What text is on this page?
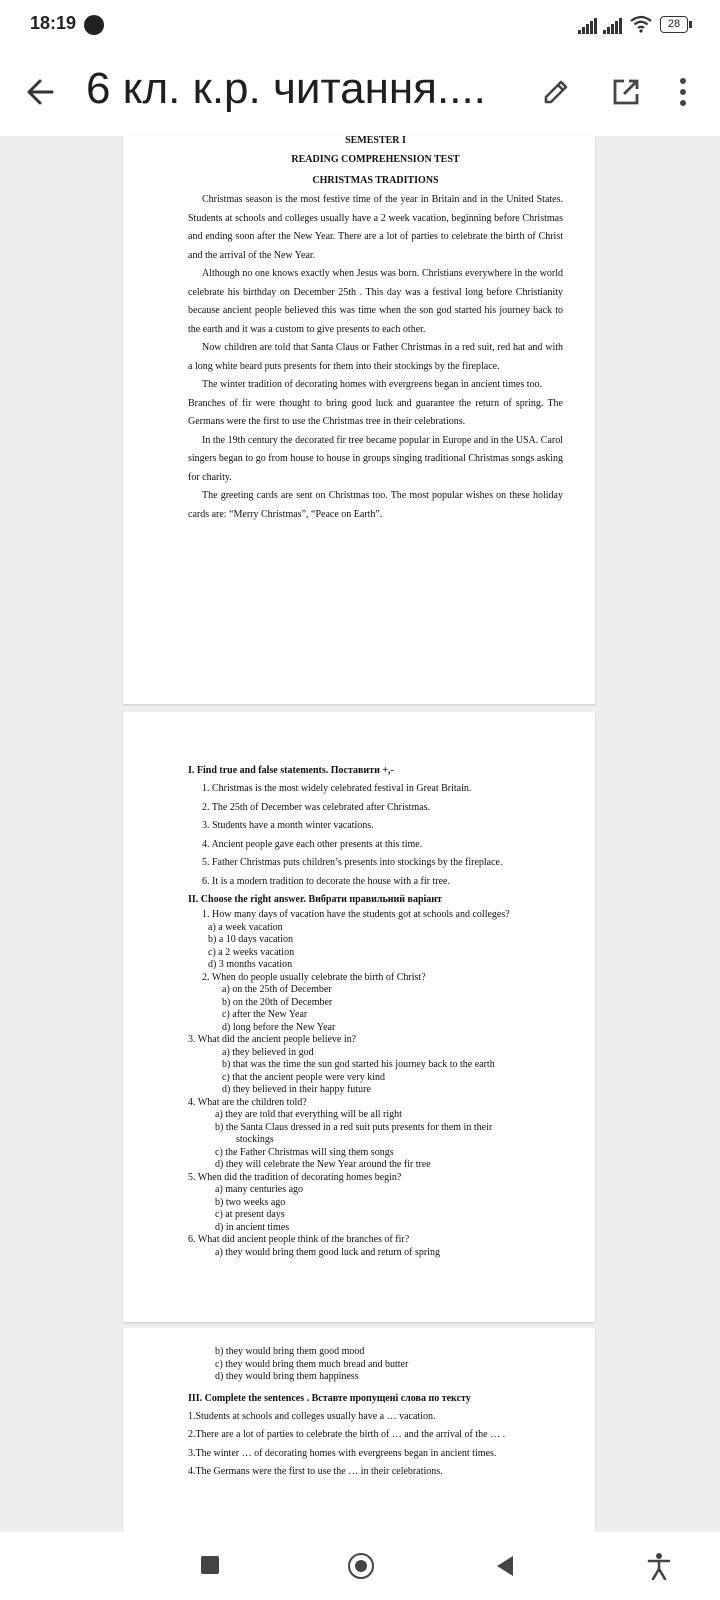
18:19	28
6 кл. к.р. читання....
SEMESTER I
READING COMPREHENSION TEST
CHRISTMAS TRADITIONS

Christmas season is the most festive time of the year in Britain and in the United States. Students at schools and colleges usually have a 2 week vacation, beginning before Christmas and ending soon after the New Year. There are a lot of parties to celebrate the birth of Christ and the arrival of the New Year.

Although no one knows exactly when Jesus was born. Christians everywhere in the world celebrate his birthday on December 25th . This day was a festival long before Christianity because ancient people believed this was time when the son god started his journey back to the earth and it was a custom to give presents to each other.

Now children are told that Santa Claus or Father Christmas in a red suit, red hat and with a long white beard puts presents for them into their stockings by the fireplace.

The winter tradition of decorating homes with evergreens began in ancient times too.

Branches of fir were thought to bring good luck and guarantee the return of spring. The Germans were the first to use the Christmas tree in their celebrations.

In the 19th century the decorated fir tree became popular in Europe and in the USA. Carol singers began to go from house to house in groups singing traditional Christmas songs asking for charity.

The greeting cards are sent on Christmas too. The most popular wishes on these holiday cards are: “Merry Christmas”, “Peace on Earth”.

I. Find true and false statements. Поставити +,-
1. Christmas is the most widely celebrated festival in Great Britain.
2. The 25th of December was celebrated after Christmas.
3. Students have a month winter vacations.
4. Ancient people gave each other presents at this time.
5. Father Christmas puts children’s presents into stockings by the fireplace.
6. It is a modern tradition to decorate the house with a fir tree.
II. Choose the right answer. Вибрати правильний варіант
1. How many days of vacation have the students got at schools and colleges?
a) a week vacation
b) a 10 days vacation
c) a 2 weeks vacation
d) 3 months vacation
2. When do people usually celebrate the birth of Christ?
a) on the 25th of December
b) on the 20th of December
c) after the New Year
d) long before the New Year
3. What did the ancient people believe in?
a) they believed in god
b) that was the time the sun god started his journey back to the earth
c) that the ancient people were very kind
d) they believed in their happy future
4. What are the children told?
a) they are told that everything will be all right
b) the Santa Claus dressed in a red suit puts presents for them in their
stockings
c) the Father Christmas will sing them songs
d) they will celebrate the New Year around the fir tree
5. When did the tradition of decorating homes begin?
a) many centuries ago
b) two weeks ago
c) at present days
d) in ancient times
6. What did ancient people think of the branches of fir?
a) they would bring them good luck and return of spring
b) they would bring them good mood
c) they would bring them much bread and butter
d) they would bring them happiness
III. Complete the sentences . Вставте пропущені слова по тексту
1.Students at schools and colleges usually have a … vacation.
2.There are a lot of parties to celebrate the birth of … and the arrival of the … .
3.The winter … of decorating homes with evergreens began in ancient times.
4.The Germans were the first to use the … in their celebrations.
